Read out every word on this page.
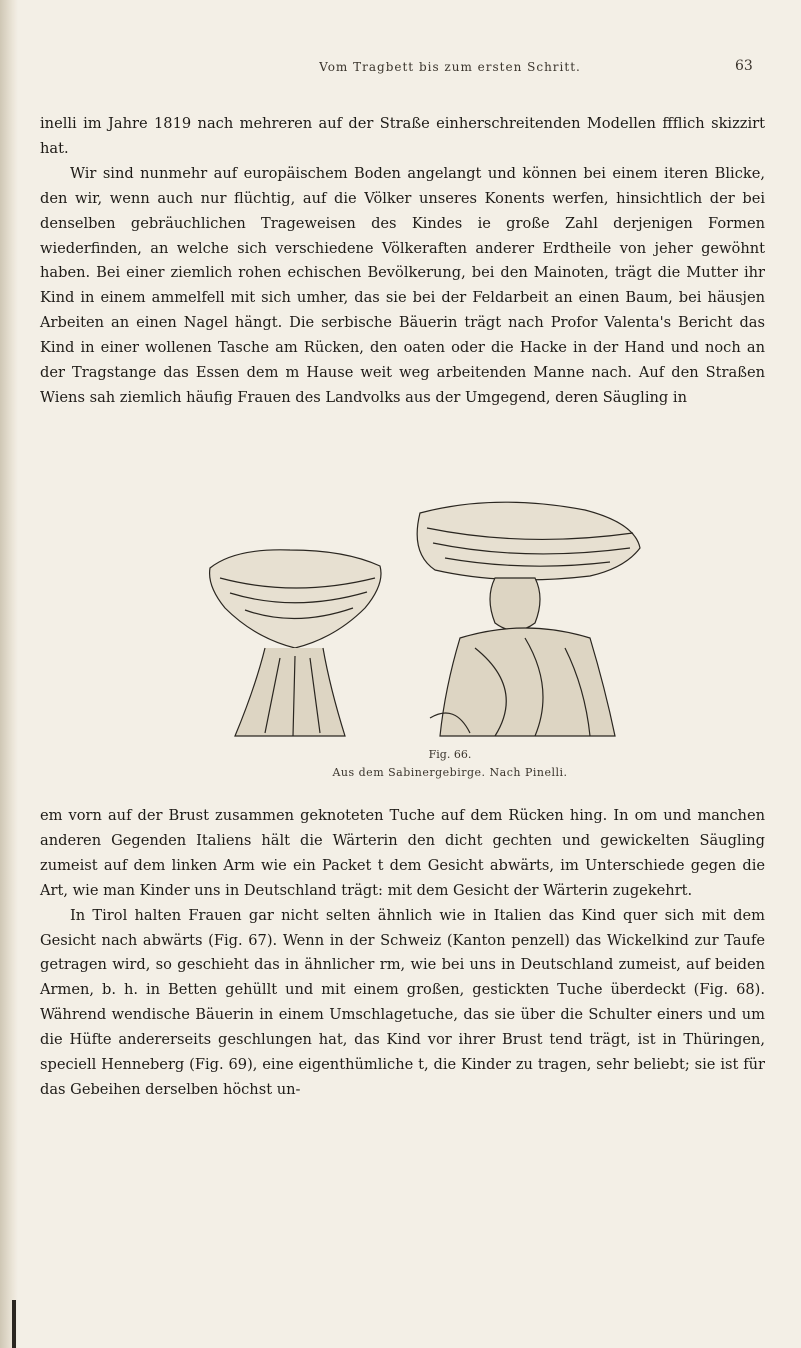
Vom Tragbett bis zum ersten Schritt.	63

inelli im Jahre 1819 nach mehreren auf der Straße einherschreitenden Modellen ffflich skizzirt hat.

Wir sind nunmehr auf europäischem Boden angelangt und können bei einem iteren Blicke, den wir, wenn auch nur flüchtig, auf die Völker unseres Konents werfen, hinsichtlich der bei denselben gebräuchlichen Trageweisen des Kindes ie große Zahl derjenigen Formen wiederfinden, an welche sich verschiedene Völkeraften anderer Erdtheile von jeher gewöhnt haben. Bei einer ziemlich rohen echischen Bevölkerung, bei den Mainoten, trägt die Mutter ihr Kind in einem ammelfell mit sich umher, das sie bei der Feldarbeit an einen Baum, bei häusjen Arbeiten an einen Nagel hängt. Die serbische Bäuerin trägt nach Profor Valenta's Bericht das Kind in einer wollenen Tasche am Rücken, den oaten oder die Hacke in der Hand und noch an der Tragstange das Essen dem m Hause weit weg arbeitenden Manne nach. Auf den Straßen Wiens sah ziemlich häufig Frauen des Landvolks aus der Umgegend, deren Säugling in

Fig. 66.
Aus dem Sabinergebirge. Nach Pinelli.

em vorn auf der Brust zusammen geknoteten Tuche auf dem Rücken hing. In om und manchen anderen Gegenden Italiens hält die Wärterin den dicht gechten und gewickelten Säugling zumeist auf dem linken Arm wie ein Packet t dem Gesicht abwärts, im Unterschiede gegen die Art, wie man Kinder uns in Deutschland trägt: mit dem Gesicht der Wärterin zugekehrt.

In Tirol halten Frauen gar nicht selten ähnlich wie in Italien das Kind quer sich mit dem Gesicht nach abwärts (Fig. 67). Wenn in der Schweiz (Kanton penzell) das Wickelkind zur Taufe getragen wird, so geschieht das in ähnlicher rm, wie bei uns in Deutschland zumeist, auf beiden Armen, b. h. in Betten gehüllt und mit einem großen, gestickten Tuche überdeckt (Fig. 68). Während wendische Bäuerin in einem Umschlagetuche, das sie über die Schulter einers und um die Hüfte andererseits geschlungen hat, das Kind vor ihrer Brust tend trägt, ist in Thüringen, speciell Henneberg (Fig. 69), eine eigenthümliche t, die Kinder zu tragen, sehr beliebt; sie ist für das Gebeihen derselben höchst un-
